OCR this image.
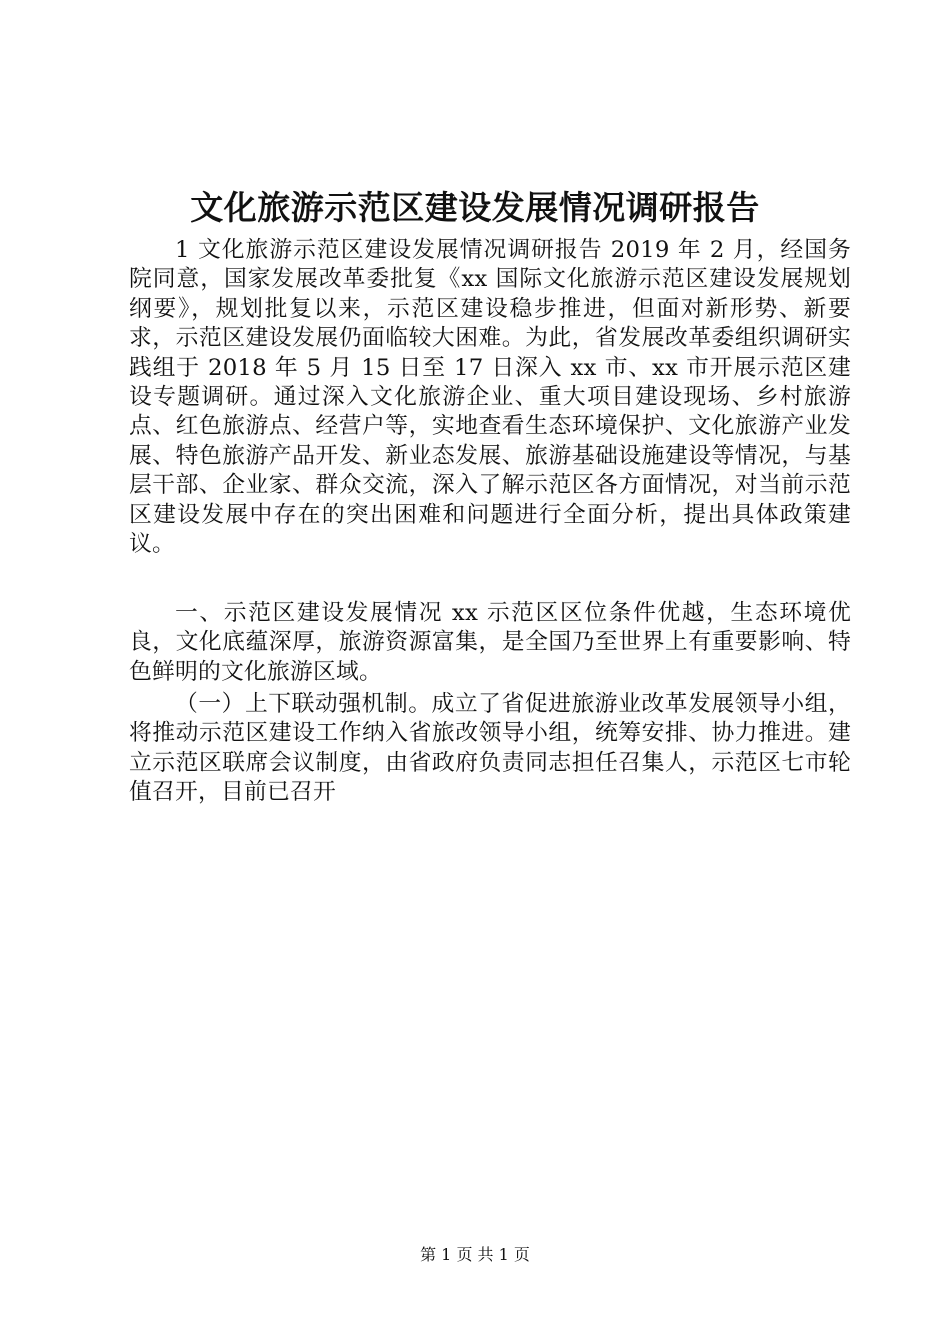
文化旅游示范区建设发展情况调研报告

1 文化旅游示范区建设发展情况调研报告 2019 年 2 月，经国务院同意，国家发展改革委批复《xx 国际文化旅游示范区建设发展规划纲要》，规划批复以来，示范区建设稳步推进，但面对新形势、新要求，示范区建设发展仍面临较大困难。为此，省发展改革委组织调研实践组于 2018 年 5 月 15 日至 17 日深入 xx 市、xx 市开展示范区建设专题调研。通过深入文化旅游企业、重大项目建设现场、乡村旅游点、红色旅游点、经营户等，实地查看生态环境保护、文化旅游产业发展、特色旅游产品开发、新业态发展、旅游基础设施建设等情况，与基层干部、企业家、群众交流，深入了解示范区各方面情况，对当前示范区建设发展中存在的突出困难和问题进行全面分析，提出具体政策建议。

一、示范区建设发展情况 xx 示范区区位条件优越，生态环境优良，文化底蕴深厚，旅游资源富集，是全国乃至世界上有重要影响、特色鲜明的文化旅游区域。

（一）上下联动强机制。成立了省促进旅游业改革发展领导小组，将推动示范区建设工作纳入省旅改领导小组，统筹安排、协力推进。建立示范区联席会议制度，由省政府负责同志担任召集人，示范区七市轮值召开，目前已召开

第 1 页 共 1 页
